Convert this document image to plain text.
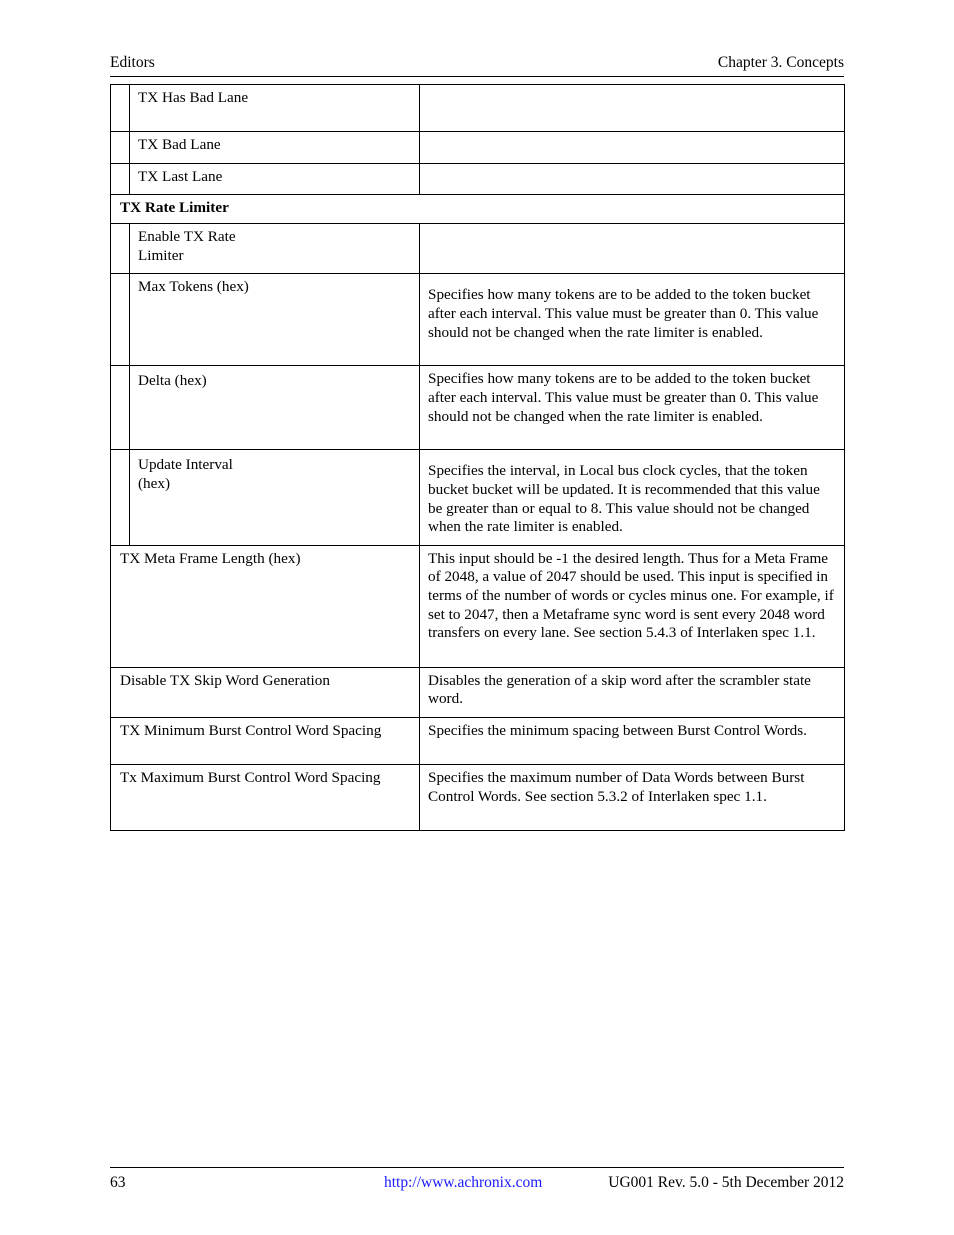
Editors	Chapter 3. Concepts

	TX Has Bad Lane	

	TX Bad Lane	

	TX Last Lane	

TX Rate Limiter		

	Enable TX Rate Limiter	

	Max Tokens (hex)	Specifies how many tokens are to be added to the token bucket after each interval. This value must be greater than 0. This value should not be changed when the rate limiter is enabled.

	Delta (hex)	Specifies how many tokens are to be added to the token bucket after each interval. This value must be greater than 0. This value should not be changed when the rate limiter is enabled.

	Update Interval (hex)	Specifies the interval, in Local bus clock cycles, that the token bucket bucket will be updated. It is recommended that this value be greater than or equal to 8. This value should not be changed when the rate limiter is enabled.
TX Meta Frame Length (hex)		This input should be -1 the desired length. Thus for a Meta Frame of 2048, a value of 2047 should be used. This input is specified in terms of the number of words or cycles minus one. For example, if set to 2047, then a Metaframe sync word is sent every 2048 word transfers on every lane. See section 5.4.3 of Interlaken spec 1.1.
Disable TX Skip Word Generation		Disables the generation of a skip word after the scrambler state word.
TX Minimum Burst Control Word Spacing		Specifies the minimum spacing between Burst Control Words.
Tx Maximum Burst Control Word Spacing		Specifies the maximum number of Data Words between Burst Control Words. See section 5.3.2 of Interlaken spec 1.1.
63	http://www.achronix.com	UG001 Rev. 5.0 - 5th December 2012
